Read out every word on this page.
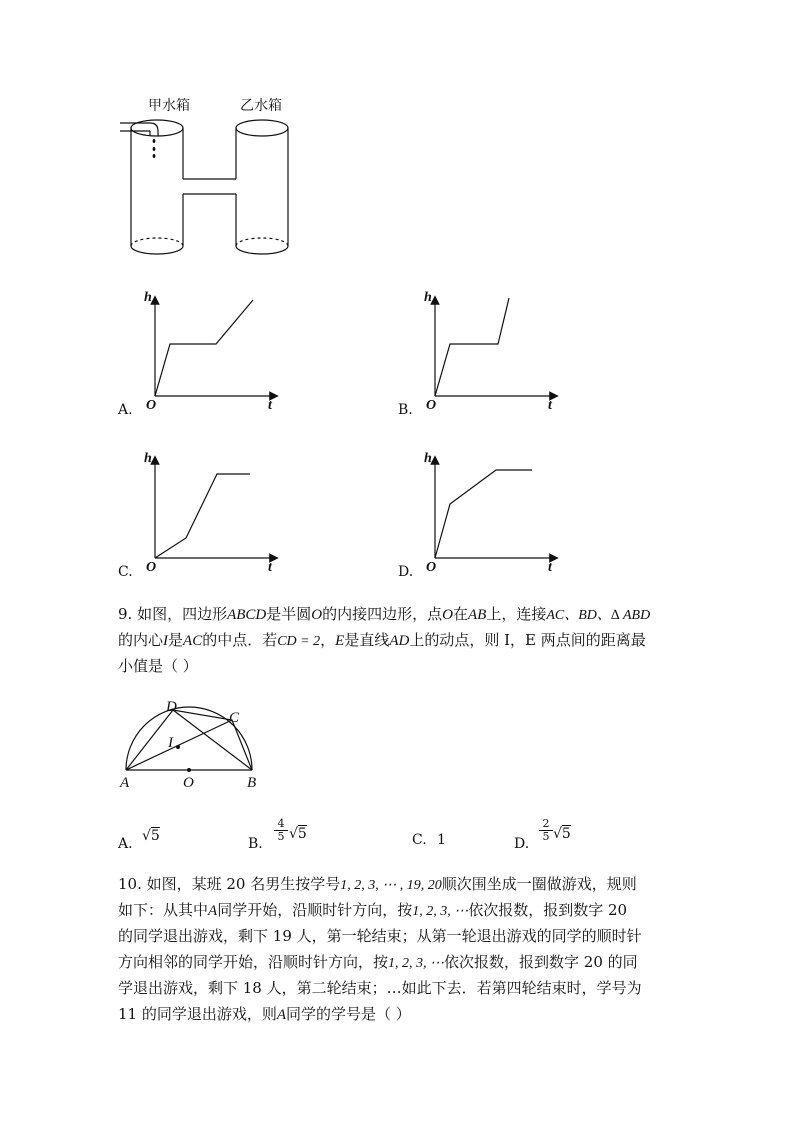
甲水箱	乙水箱
h
O	t
A.
h
O	t
B.
h
O	t
C.
h
O	t
D.
9. 如图，四边形ABCD是半圆O的内接四边形，点O在AB上，连接AC、BD、∆ ABD
的内心I是AC的中点．若CD = 2，E是直线AD上的动点，则 I，E 两点间的距离最
小值是（ ）
D
C
I
A	O	B
A. √5	B.
4
5 √5	C. 1	D.
2
5 √5
10. 如图，某班 20 名男生按学号1, 2, 3, ⋯ , 19, 20顺次围坐成一圈做游戏，规则
如下：从其中A同学开始，沿顺时针方向，按1, 2, 3, ⋯依次报数，报到数字 20
的同学退出游戏，剩下 19 人，第一轮结束；从第一轮退出游戏的同学的顺时针
方向相邻的同学开始，沿顺时针方向，按1, 2, 3, ⋯依次报数，报到数字 20 的同
学退出游戏，剩下 18 人，第二轮结束；…如此下去．若第四轮结束时，学号为
11 的同学退出游戏，则A同学的学号是（ ）
